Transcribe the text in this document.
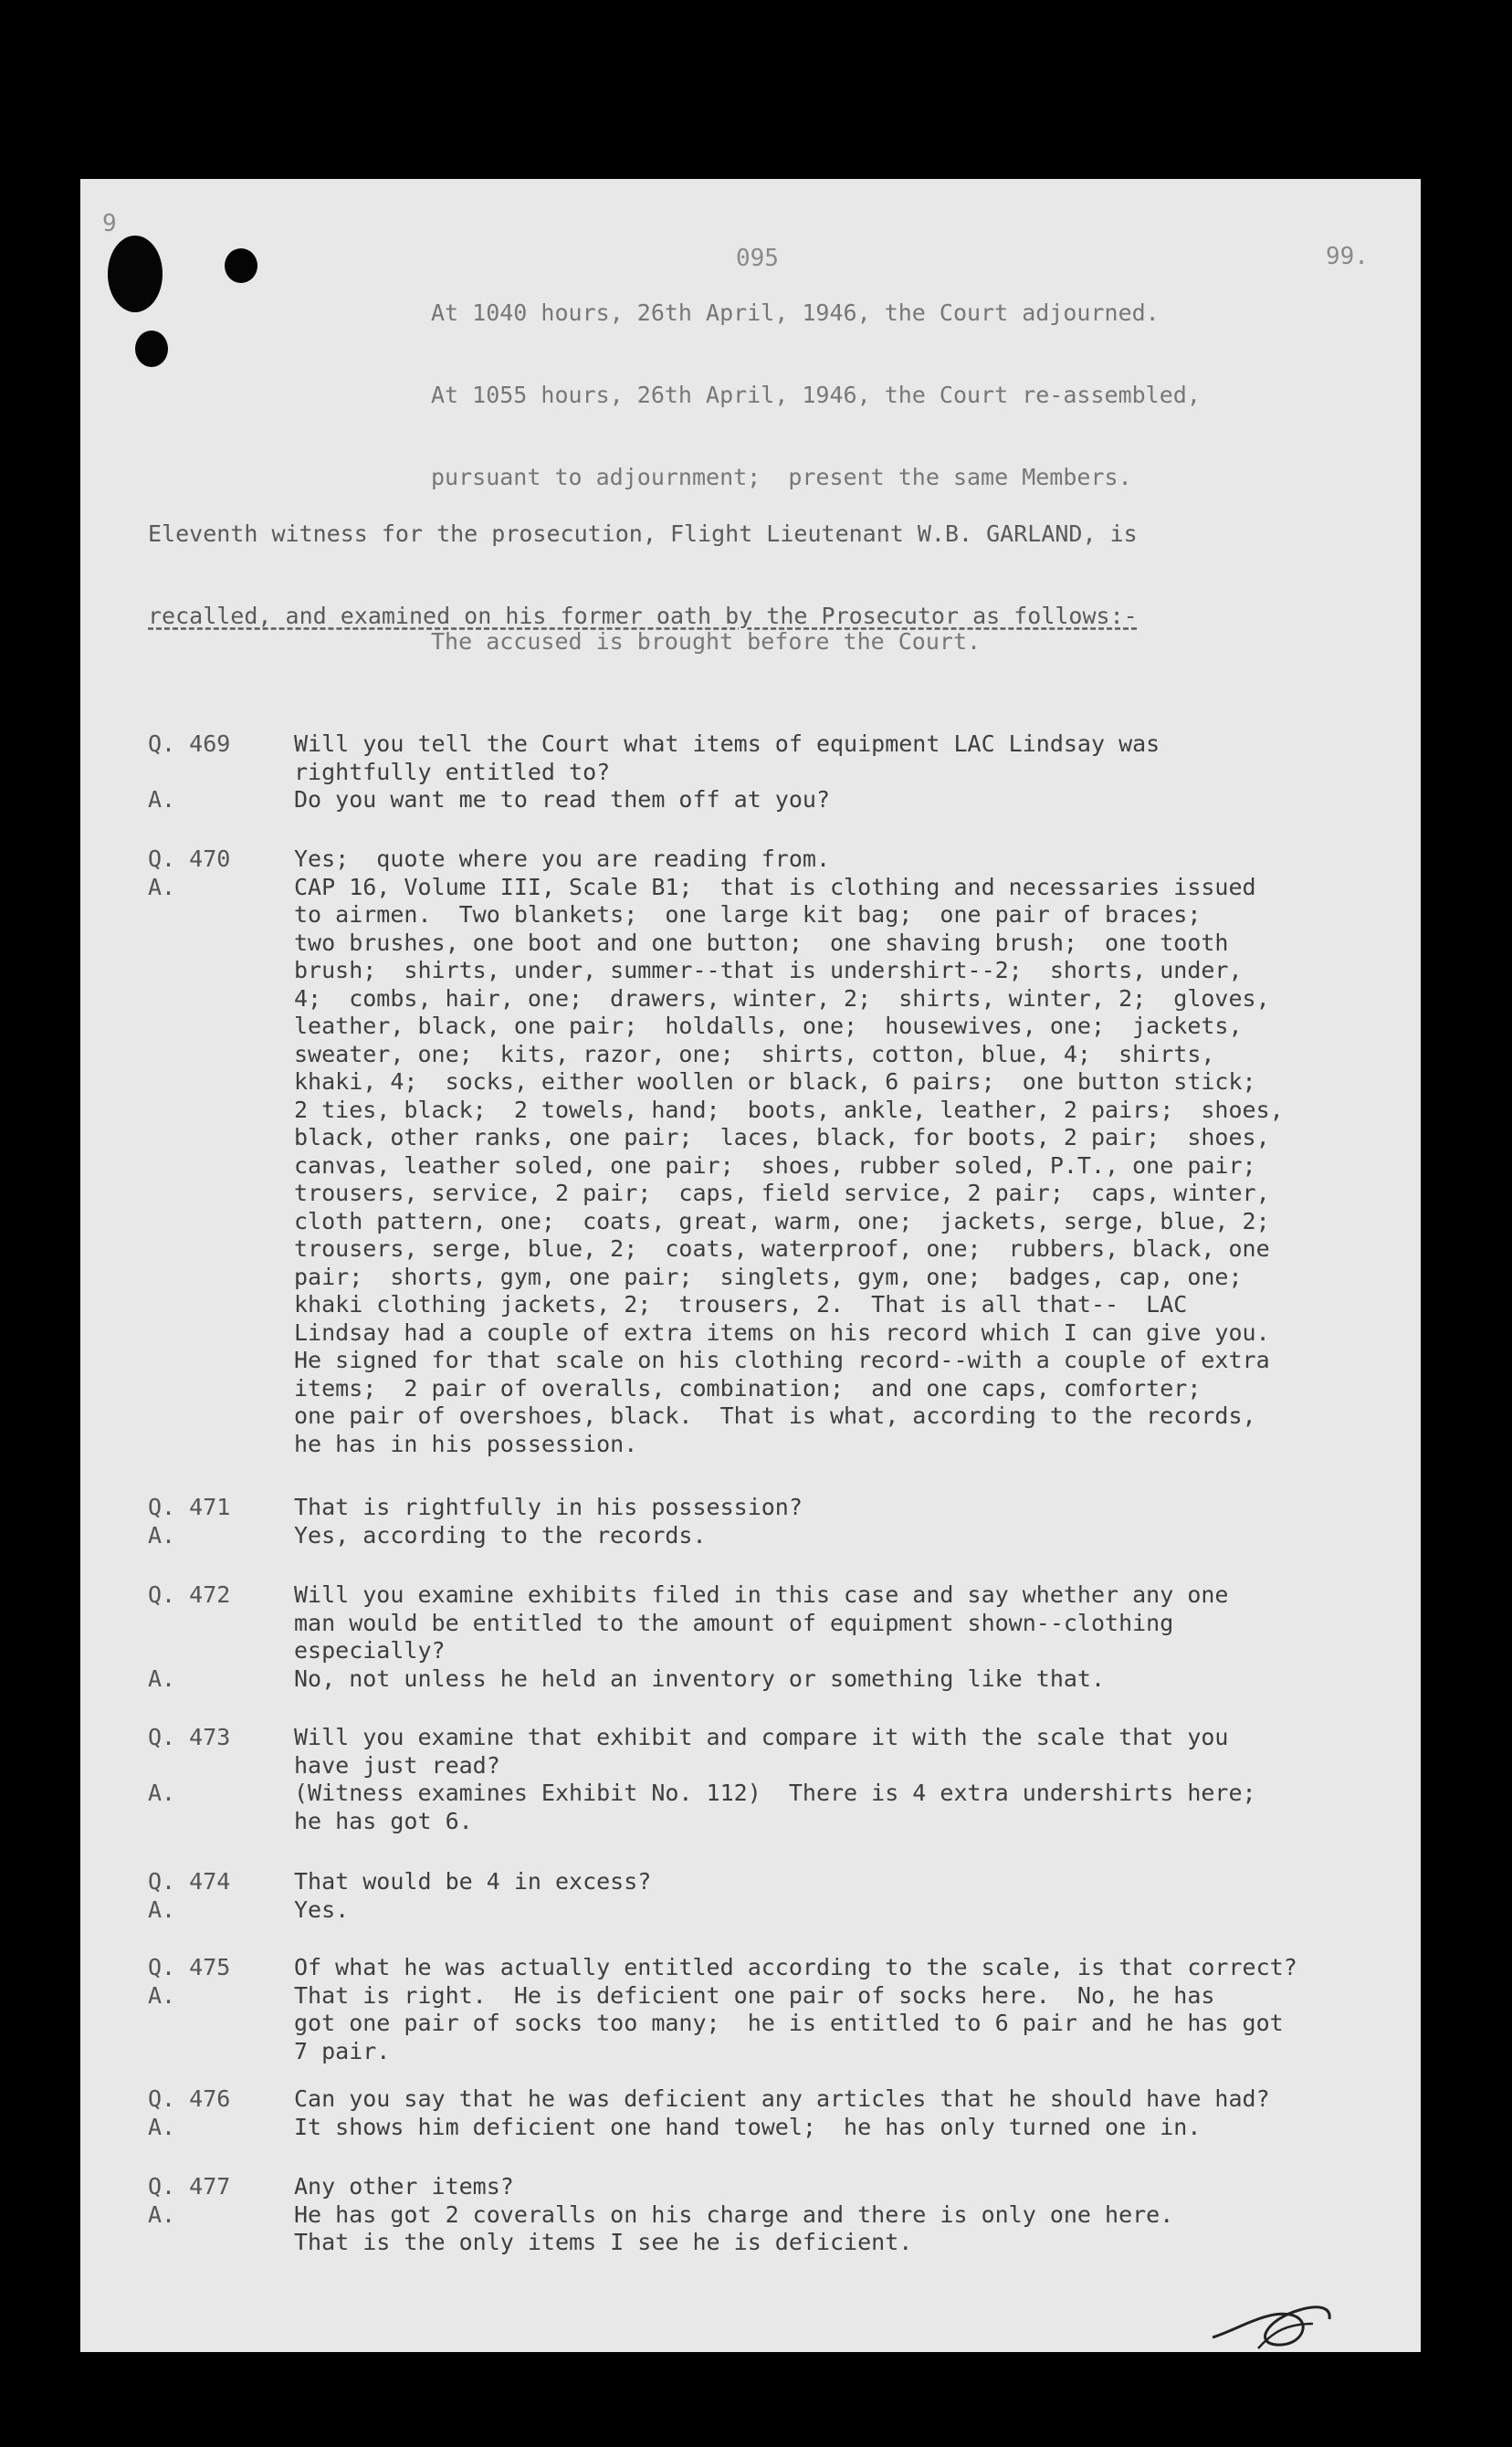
9
095	99.

At 1040 hours, 26th April, 1946, the Court adjourned.

At 1055 hours, 26th April, 1946, the Court re-assembled,

pursuant to adjournment;  present the same Members.

The accused is brought before the Court.

Eleventh witness for the prosecution, Flight Lieutenant W.B. GARLAND, is

recalled, and examined on his former oath by the Prosecutor as follows:-

Q. 469	Will you tell the Court what items of equipment LAC Lindsay was
rightfully entitled to?
A.	Do you want me to read them off at you?
Q. 470	Yes;  quote where you are reading from.
A.	CAP 16, Volume III, Scale B1;  that is clothing and necessaries issued
to airmen.  Two blankets;  one large kit bag;  one pair of braces;
two brushes, one boot and one button;  one shaving brush;  one tooth
brush;  shirts, under, summer--that is undershirt--2;  shorts, under,
4;  combs, hair, one;  drawers, winter, 2;  shirts, winter, 2;  gloves,
leather, black, one pair;  holdalls, one;  housewives, one;  jackets,
sweater, one;  kits, razor, one;  shirts, cotton, blue, 4;  shirts,
khaki, 4;  socks, either woollen or black, 6 pairs;  one button stick;
2 ties, black;  2 towels, hand;  boots, ankle, leather, 2 pairs;  shoes,
black, other ranks, one pair;  laces, black, for boots, 2 pair;  shoes,
canvas, leather soled, one pair;  shoes, rubber soled, P.T., one pair;
trousers, service, 2 pair;  caps, field service, 2 pair;  caps, winter,
cloth pattern, one;  coats, great, warm, one;  jackets, serge, blue, 2;
trousers, serge, blue, 2;  coats, waterproof, one;  rubbers, black, one
pair;  shorts, gym, one pair;  singlets, gym, one;  badges, cap, one;
khaki clothing jackets, 2;  trousers, 2.  That is all that--  LAC
Lindsay had a couple of extra items on his record which I can give you.
He signed for that scale on his clothing record--with a couple of extra
items;  2 pair of overalls, combination;  and one caps, comforter;
one pair of overshoes, black.  That is what, according to the records,
he has in his possession.
Q. 471	That is rightfully in his possession?
A.	Yes, according to the records.
Q. 472	Will you examine exhibits filed in this case and say whether any one
man would be entitled to the amount of equipment shown--clothing
especially?
A.	No, not unless he held an inventory or something like that.
Q. 473	Will you examine that exhibit and compare it with the scale that you
have just read?
A.	(Witness examines Exhibit No. 112)  There is 4 extra undershirts here;
he has got 6.
Q. 474	That would be 4 in excess?
A.	Yes.
Q. 475	Of what he was actually entitled according to the scale, is that correct?
A.	That is right.  He is deficient one pair of socks here.  No, he has
got one pair of socks too many;  he is entitled to 6 pair and he has got
7 pair.
Q. 476	Can you say that he was deficient any articles that he should have had?
A.	It shows him deficient one hand towel;  he has only turned one in.
Q. 477	Any other items?
A.	He has got 2 coveralls on his charge and there is only one here.
That is the only items I see he is deficient.
